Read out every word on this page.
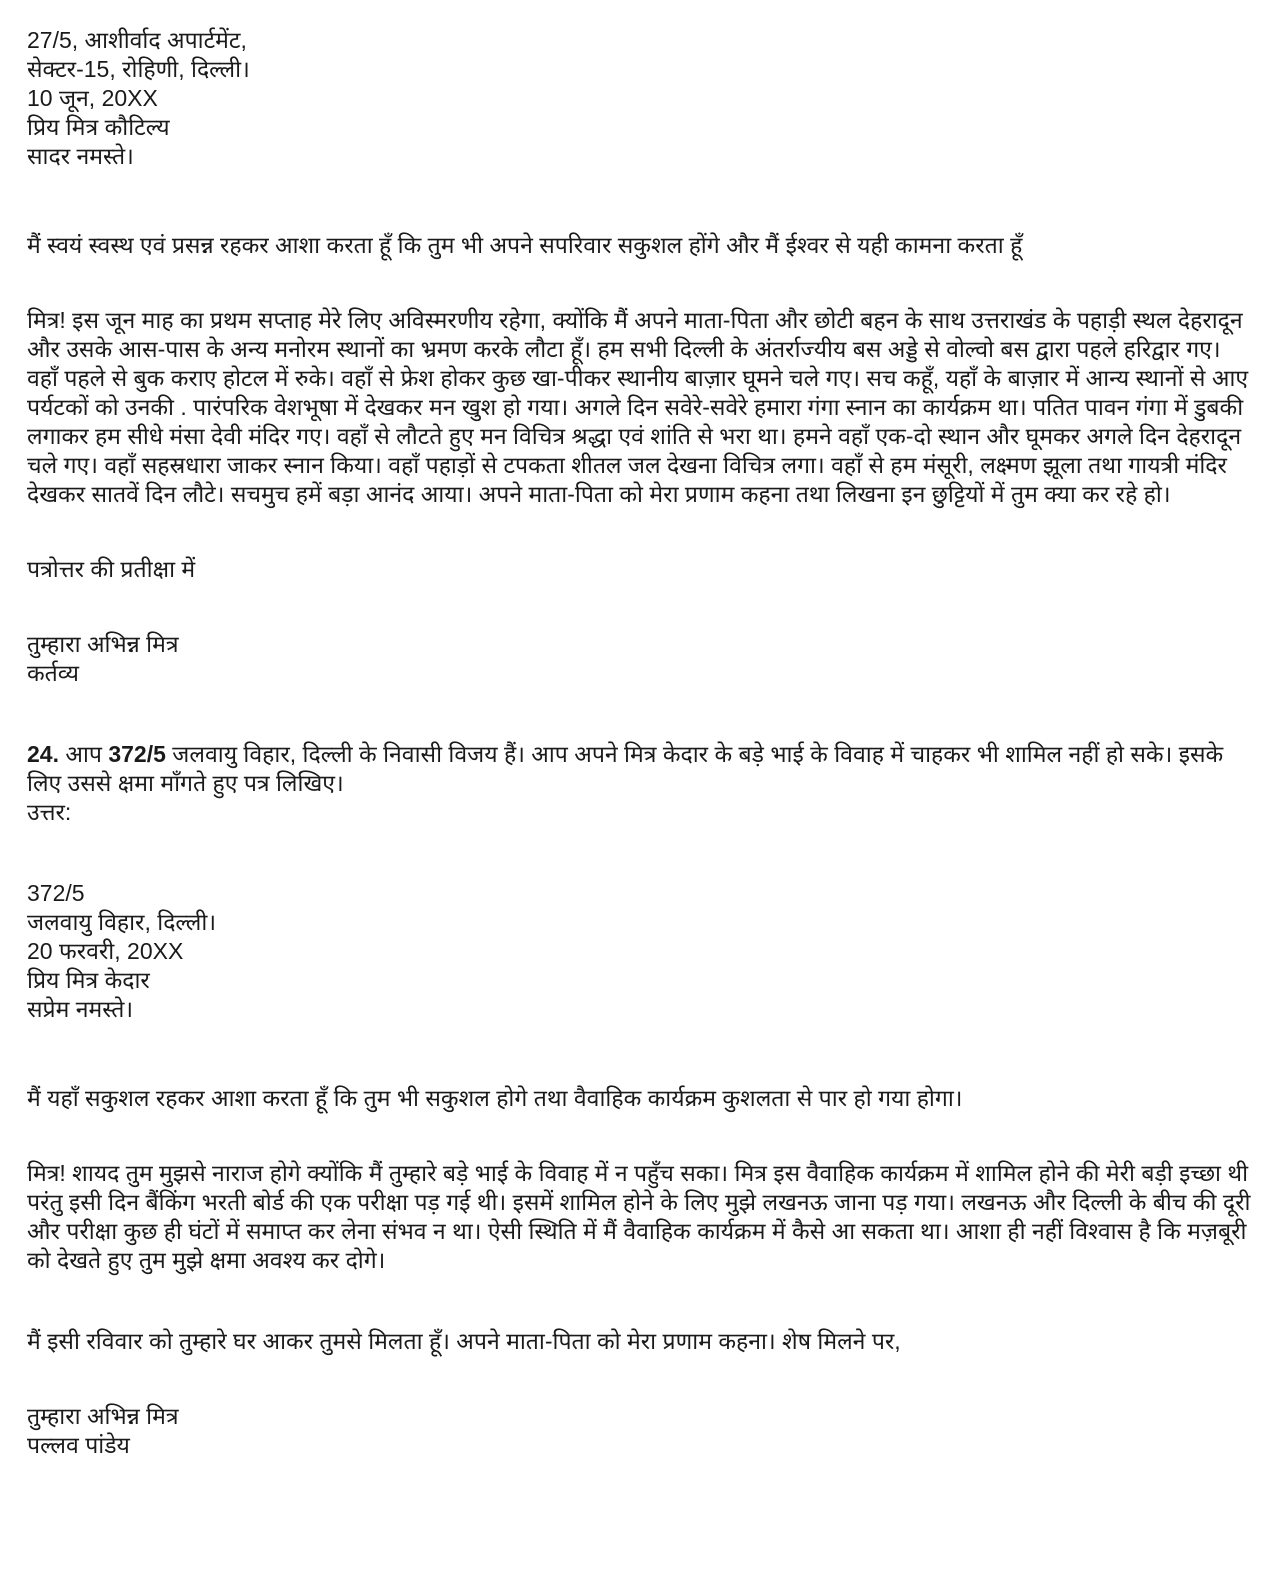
27/5, आशीर्वाद अपार्टमेंट,
सेक्टर-15, रोहिणी, दिल्ली।
10 जून, 20XX
प्रिय मित्र कौटिल्य
सादर नमस्ते।

मैं स्वयं स्वस्थ एवं प्रसन्न रहकर आशा करता हूँ कि तुम भी अपने सपरिवार सकुशल होंगे और मैं ईश्वर से यही कामना करता हूँ

मित्र! इस जून माह का प्रथम सप्ताह मेरे लिए अविस्मरणीय रहेगा, क्योंकि मैं अपने माता-पिता और छोटी बहन के साथ उत्तराखंड के पहाड़ी स्थल देहरादून और उसके आस-पास के अन्य मनोरम स्थानों का भ्रमण करके लौटा हूँ। हम सभी दिल्ली के अंतर्राज्यीय बस अड्डे से वोल्वो बस द्वारा पहले हरिद्वार गए। वहाँ पहले से बुक कराए होटल में रुके। वहाँ से फ्रेश होकर कुछ खा-पीकर स्थानीय बाज़ार घूमने चले गए। सच कहूँ, यहाँ के बाज़ार में आन्य स्थानों से आए पर्यटकों को उनकी . पारंपरिक वेशभूषा में देखकर मन खुश हो गया। अगले दिन सवेरे-सवेरे हमारा गंगा स्नान का कार्यक्रम था। पतित पावन गंगा में डुबकी लगाकर हम सीधे मंसा देवी मंदिर गए। वहाँ से लौटते हुए मन विचित्र श्रद्धा एवं शांति से भरा था। हमने वहाँ एक-दो स्थान और घूमकर अगले दिन देहरादून चले गए। वहाँ सहस्रधारा जाकर स्नान किया। वहाँ पहाड़ों से टपकता शीतल जल देखना विचित्र लगा। वहाँ से हम मंसूरी, लक्ष्मण झूला तथा गायत्री मंदिर देखकर सातवें दिन लौटे। सचमुच हमें बड़ा आनंद आया। अपने माता-पिता को मेरा प्रणाम कहना तथा लिखना इन छुट्टियों में तुम क्या कर रहे हो।

पत्रोत्तर की प्रतीक्षा में

तुम्हारा अभिन्न मित्र
कर्तव्य

24. आप 372/5 जलवायु विहार, दिल्ली के निवासी विजय हैं। आप अपने मित्र केदार के बड़े भाई के विवाह में चाहकर भी शामिल नहीं हो सके। इसके लिए उससे क्षमा माँगते हुए पत्र लिखिए।

उत्तर:
372/5
जलवायु विहार, दिल्ली।
20 फरवरी, 20XX
प्रिय मित्र केदार
सप्रेम नमस्ते।

मैं यहाँ सकुशल रहकर आशा करता हूँ कि तुम भी सकुशल होगे तथा वैवाहिक कार्यक्रम कुशलता से पार हो गया होगा।

मित्र! शायद तुम मुझसे नाराज होगे क्योंकि मैं तुम्हारे बड़े भाई के विवाह में न पहुँच सका। मित्र इस वैवाहिक कार्यक्रम में शामिल होने की मेरी बड़ी इच्छा थी परंतु इसी दिन बैंकिंग भरती बोर्ड की एक परीक्षा पड़ गई थी। इसमें शामिल होने के लिए मुझे लखनऊ जाना पड़ गया। लखनऊ और दिल्ली के बीच की दूरी और परीक्षा कुछ ही घंटों में समाप्त कर लेना संभव न था। ऐसी स्थिति में मैं वैवाहिक कार्यक्रम में कैसे आ सकता था। आशा ही नहीं विश्वास है कि मज़बूरी को देखते हुए तुम मुझे क्षमा अवश्य कर दोगे।

मैं इसी रविवार को तुम्हारे घर आकर तुमसे मिलता हूँ। अपने माता-पिता को मेरा प्रणाम कहना। शेष मिलने पर,

तुम्हारा अभिन्न मित्र
पल्लव पांडेय
